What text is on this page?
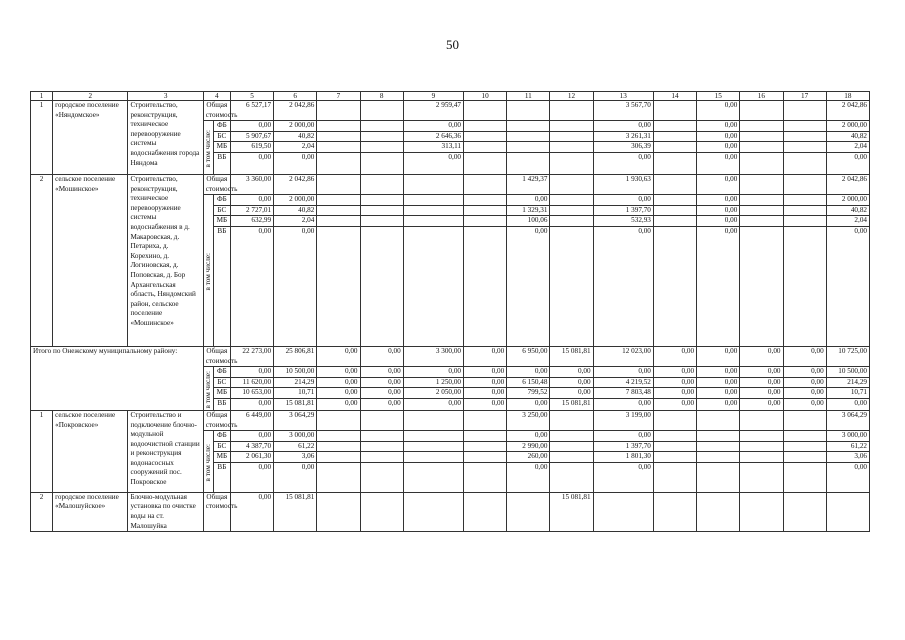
50
1	2	3	4		5	6	7	8	9	10	11	12	13	14	15	16	17	18
1	городское поселение «Няндомское»	Строительство, реконструкция, техническое перевооружение системы водоснабжения города Няндома	Общая стоимость		6 527,17	2 042,86			2 959,47				3 567,70		0,00			2 042,86

			в том числе:	ФБ	0,00	2 000,00			0,00				0,00		0,00			2 000,00
				БС	5 907,67	40,82			2 646,36				3 261,31		0,00			40,82
				МБ	619,50	2,04			313,11				306,39		0,00			2,04
				ВБ	0,00	0,00			0,00				0,00		0,00			0,00
2	сельское поселение «Мошинское»	Строительство, реконструкция, техническое перевооружение системы водоснабжения в д. Макаровская, д. Петариха, д. Корехино, д. Логиновская, д. Поповская, д. Бор Архангельская область, Няндомский район, сельское поселение «Мошинское»	Общая стоимость		3 360,00	2 042,86					1 429,37		1 930,63		0,00			2 042,86

			в том числе:	ФБ	0,00	2 000,00					0,00		0,00		0,00			2 000,00
				БС	2 727,01	40,82					1 329,31		1 397,70		0,00			40,82
				МБ	632,99	2,04					100,06		532,93		0,00			2,04
				ВБ	0,00	0,00					0,00		0,00		0,00			0,00
Итого по Онежскому муниципальному району:			Общая стоимость		22 273,00	25 806,81	0,00	0,00	3 300,00	0,00	6 950,00	15 081,81	12 023,00	0,00	0,00	0,00	0,00	10 725,00

			в том числе:	ФБ	0,00	10 500,00	0,00	0,00	0,00	0,00	0,00	0,00	0,00	0,00	0,00	0,00	0,00	10 500,00
				БС	11 620,00	214,29	0,00	0,00	1 250,00	0,00	6 150,48	0,00	4 219,52	0,00	0,00	0,00	0,00	214,29
				МБ	10 653,00	10,71	0,00	0,00	2 050,00	0,00	799,52	0,00	7 803,48	0,00	0,00	0,00	0,00	10,71
				ВБ	0,00	15 081,81	0,00	0,00	0,00	0,00	0,00	15 081,81	0,00	0,00	0,00	0,00	0,00	0,00
1	сельское поселение «Покровское»	Строительство и подключение блочно-модульной водоочистной станции и реконструкция водонасосных сооружений пос. Покровское	Общая стоимость		6 449,00	3 064,29					3 250,00		3 199,00					3 064,29

			в том числе:	ФБ	0,00	3 000,00					0,00		0,00					3 000,00
				БС	4 387,70	61,22					2 990,00		1 397,70					61,22
				МБ	2 061,30	3,06					260,00		1 801,30					3,06
				ВБ	0,00	0,00					0,00		0,00					0,00
2	городское поселение «Малошуйское»	Блочно-модульная установка по очистке воды на ст. Малошуйка	Общая стоимость		0,00	15 081,81						15 081,81						
